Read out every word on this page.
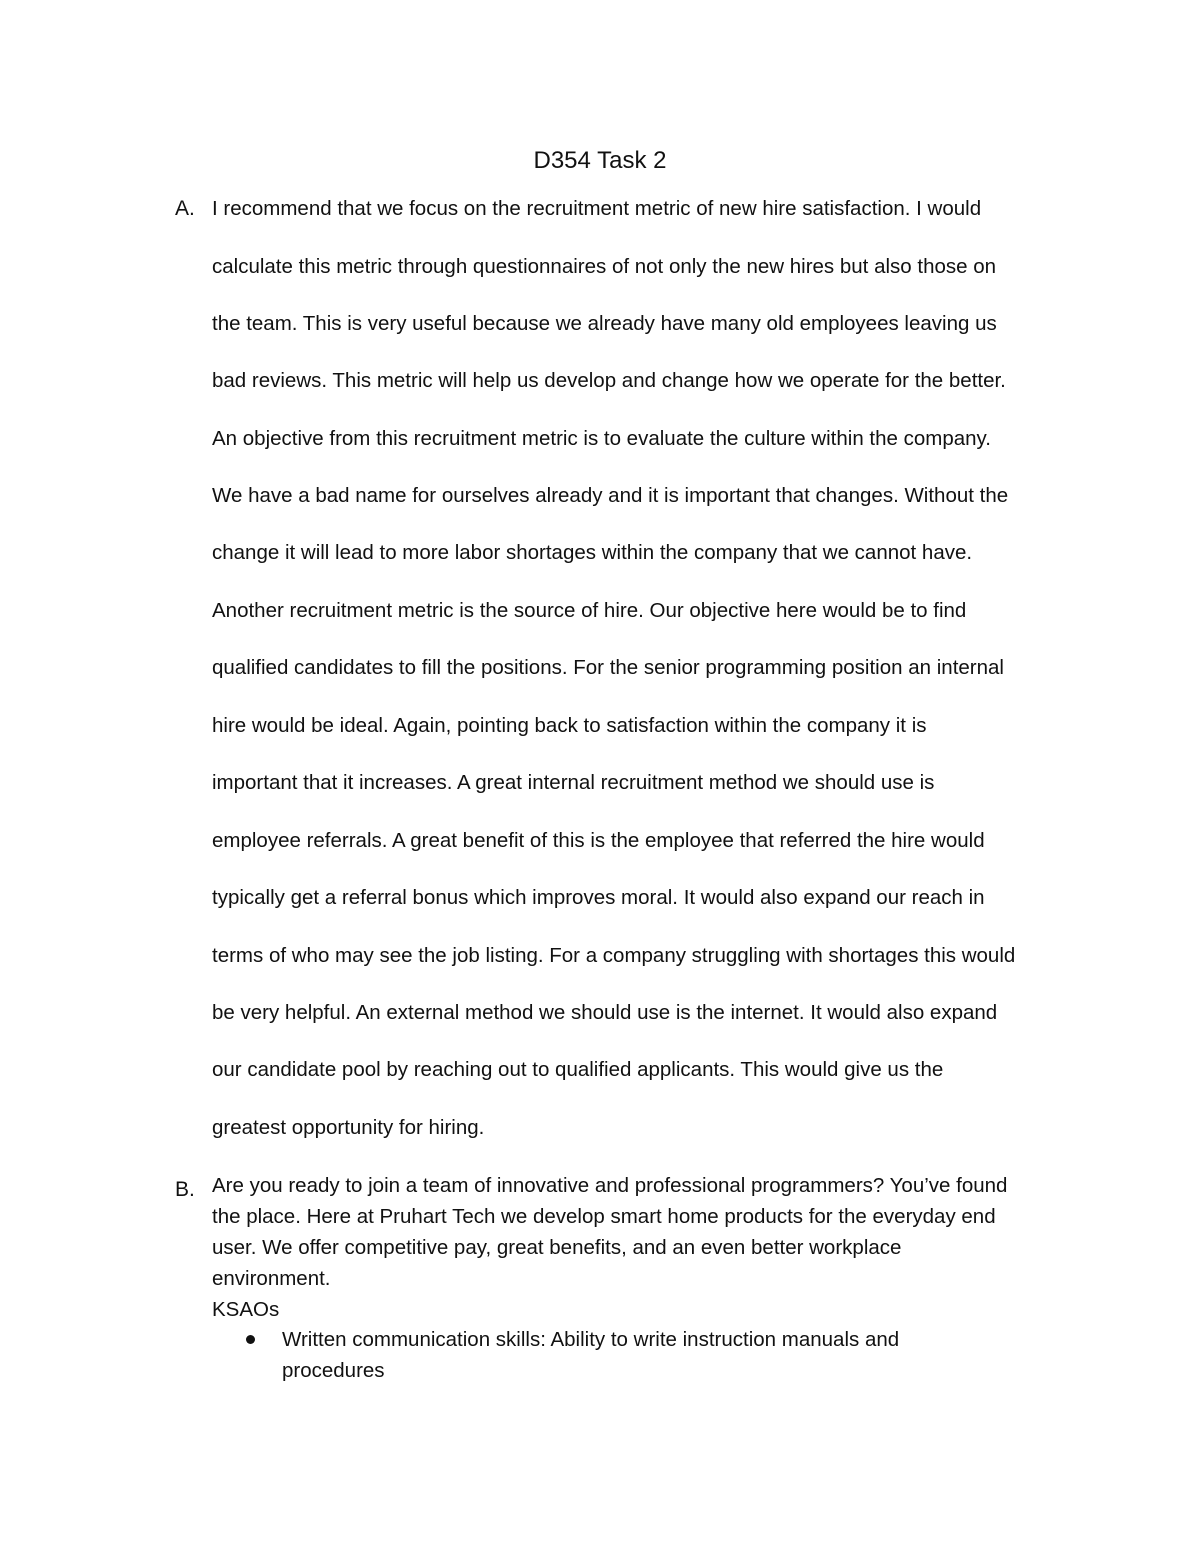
D354 Task 2
A. I recommend that we focus on the recruitment metric of new hire satisfaction. I would
calculate this metric through questionnaires of not only the new hires but also those on
the team. This is very useful because we already have many old employees leaving us
bad reviews. This metric will help us develop and change how we operate for the better.
An objective from this recruitment metric is to evaluate the culture within the company.
We have a bad name for ourselves already and it is important that changes. Without the
change it will lead to more labor shortages within the company that we cannot have.
Another recruitment metric is the source of hire. Our objective here would be to find
qualified candidates to fill the positions. For the senior programming position an internal
hire would be ideal. Again, pointing back to satisfaction within the company it is
important that it increases. A great internal recruitment method we should use is
employee referrals. A great benefit of this is the employee that referred the hire would
typically get a referral bonus which improves moral. It would also expand our reach in
terms of who may see the job listing. For a company struggling with shortages this would
be very helpful. An external method we should use is the internet. It would also expand
our candidate pool by reaching out to qualified applicants. This would give us the
greatest opportunity for hiring.
B. Are you ready to join a team of innovative and professional programmers? You’ve found
the place. Here at Pruhart Tech we develop smart home products for the everyday end
user. We offer competitive pay, great benefits, and an even better workplace
environment.
KSAOs
Written communication skills: Ability to write instruction manuals and
procedures
